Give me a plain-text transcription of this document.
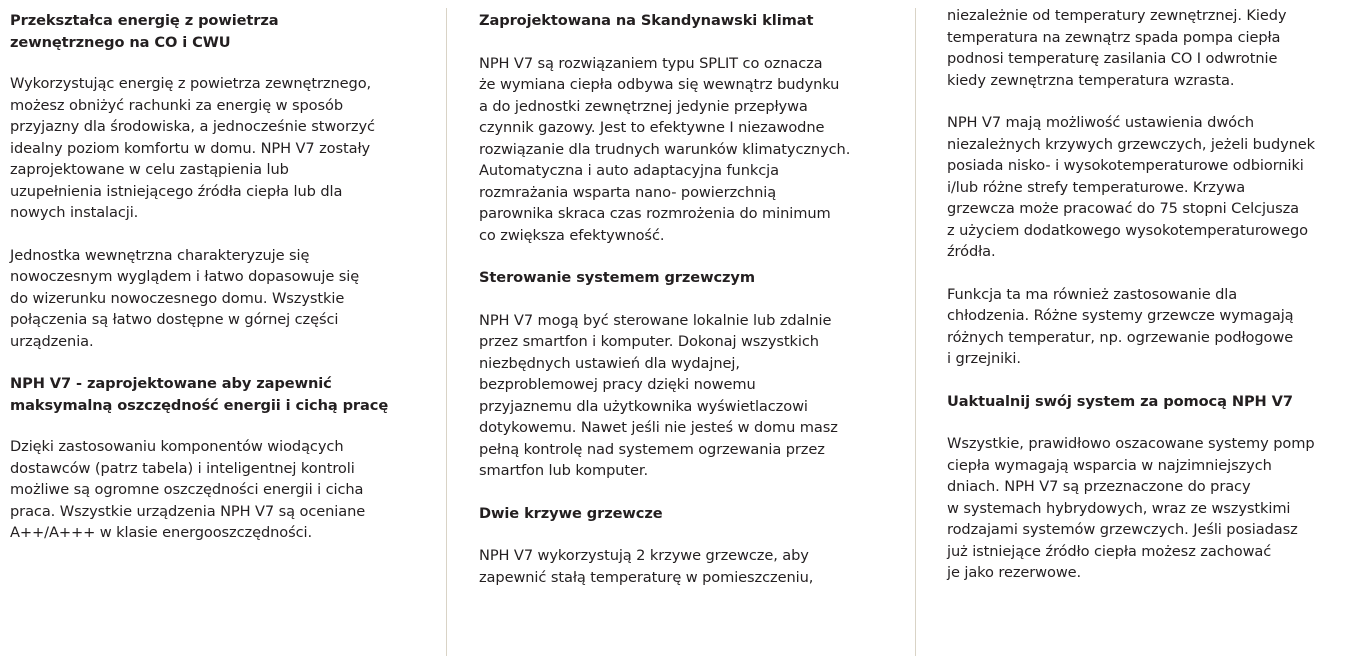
Przekształca energię z powietrza
zewnętrznego na CO i CWU

Wykorzystując energię z powietrza zewnętrznego,
możesz obniżyć rachunki za energię w sposób
przyjazny dla środowiska, a jednocześnie stworzyć
idealny poziom komfortu w domu. NPH V7 zostały
zaprojektowane w celu zastąpienia lub
uzupełnienia istniejącego źródła ciepła lub dla
nowych instalacji.

Jednostka wewnętrzna charakteryzuje się
nowoczesnym wyglądem i łatwo dopasowuje się
do wizerunku nowoczesnego domu. Wszystkie
połączenia są łatwo dostępne w górnej części
urządzenia.

NPH V7 - zaprojektowane aby zapewnić
maksymalną oszczędność energii i cichą pracę

Dzięki zastosowaniu komponentów wiodących
dostawców (patrz tabela) i inteligentnej kontroli
możliwe są ogromne oszczędności energii i cicha
praca. Wszystkie urządzenia NPH V7 są oceniane
A++/A+++ w klasie energooszczędności.

Zaprojektowana na Skandynawski klimat

NPH V7 są rozwiązaniem typu SPLIT co oznacza
że wymiana ciepła odbywa się wewnątrz budynku
a do jednostki zewnętrznej jedynie przepływa
czynnik gazowy. Jest to efektywne I niezawodne
rozwiązanie dla trudnych warunków klimatycznych.
Automatyczna i auto adaptacyjna funkcja
rozmrażania wsparta nano- powierzchnią
parownika skraca czas rozmrożenia do minimum
co zwiększa efektywność.

Sterowanie systemem grzewczym

NPH V7 mogą być sterowane lokalnie lub zdalnie
przez smartfon i komputer. Dokonaj wszystkich
niezbędnych ustawień dla wydajnej,
bezproblemowej pracy dzięki nowemu
przyjaznemu dla użytkownika wyświetlaczowi
dotykowemu. Nawet jeśli nie jesteś w domu masz
pełną kontrolę nad systemem ogrzewania przez
smartfon lub komputer.

Dwie krzywe grzewcze

NPH V7 wykorzystują 2 krzywe grzewcze, aby
zapewnić stałą temperaturę w pomieszczeniu,

niezależnie od temperatury zewnętrznej. Kiedy
temperatura na zewnątrz spada pompa ciepła
podnosi temperaturę zasilania CO I odwrotnie
kiedy zewnętrzna temperatura wzrasta.

NPH V7 mają możliwość ustawienia dwóch
niezależnych krzywych grzewczych, jeżeli budynek
posiada nisko- i wysokotemperaturowe odbiorniki
i/lub różne strefy temperaturowe. Krzywa
grzewcza może pracować do 75 stopni Celcjusza
z użyciem dodatkowego wysokotemperaturowego
źródła.

Funkcja ta ma również zastosowanie dla
chłodzenia. Różne systemy grzewcze wymagają
różnych temperatur, np. ogrzewanie podłogowe
i grzejniki.

Uaktualnij swój system za pomocą NPH V7

Wszystkie, prawidłowo oszacowane systemy pomp
ciepła wymagają wsparcia w najzimniejszych
dniach. NPH V7 są przeznaczone do pracy
w systemach hybrydowych, wraz ze wszystkimi
rodzajami systemów grzewczych. Jeśli posiadasz
już istniejące źródło ciepła możesz zachować
je jako rezerwowe.
